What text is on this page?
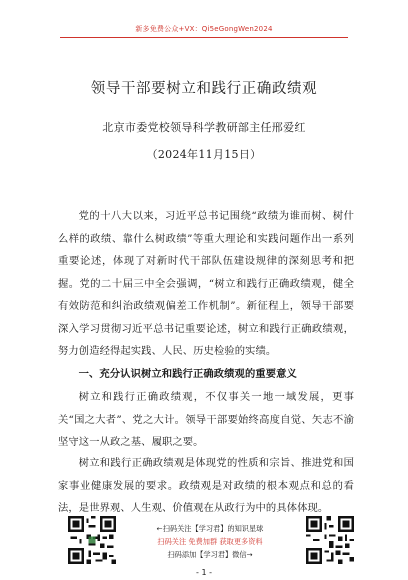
新多免费公众+VX：Qi5eGongWen2024
领导干部要树立和践行正确政绩观
北京市委党校领导科学教研部主任邢爱红
（2024年11月15日）

党的十八大以来，习近平总书记围绕“政绩为谁而树、树什么样的政绩、靠什么树政绩”等重大理论和实践问题作出一系列重要论述，体现了对新时代干部队伍建设规律的深刻思考和把握。党的二十届三中全会强调，“树立和践行正确政绩观，健全有效防范和纠治政绩观偏差工作机制”。新征程上，领导干部要深入学习贯彻习近平总书记重要论述，树立和践行正确政绩观，努力创造经得起实践、人民、历史检验的实绩。

一、充分认识树立和践行正确政绩观的重要意义

树立和践行正确政绩观，不仅事关一地一域发展，更事关“国之大者”、党之大计。领导干部要始终高度自觉、矢志不渝坚守这一从政之基、履职之要。

树立和践行正确政绩观是体现党的性质和宗旨、推进党和国家事业健康发展的要求。政绩观是对政绩的根本观点和总的看法，是世界观、人生观、价值观在从政行为中的具体体现。

←扫码关注【学习君】的知识星球
扫码关注 免费加群 获取更多资料
扫码添加【学习君】微信→
- 1 -
